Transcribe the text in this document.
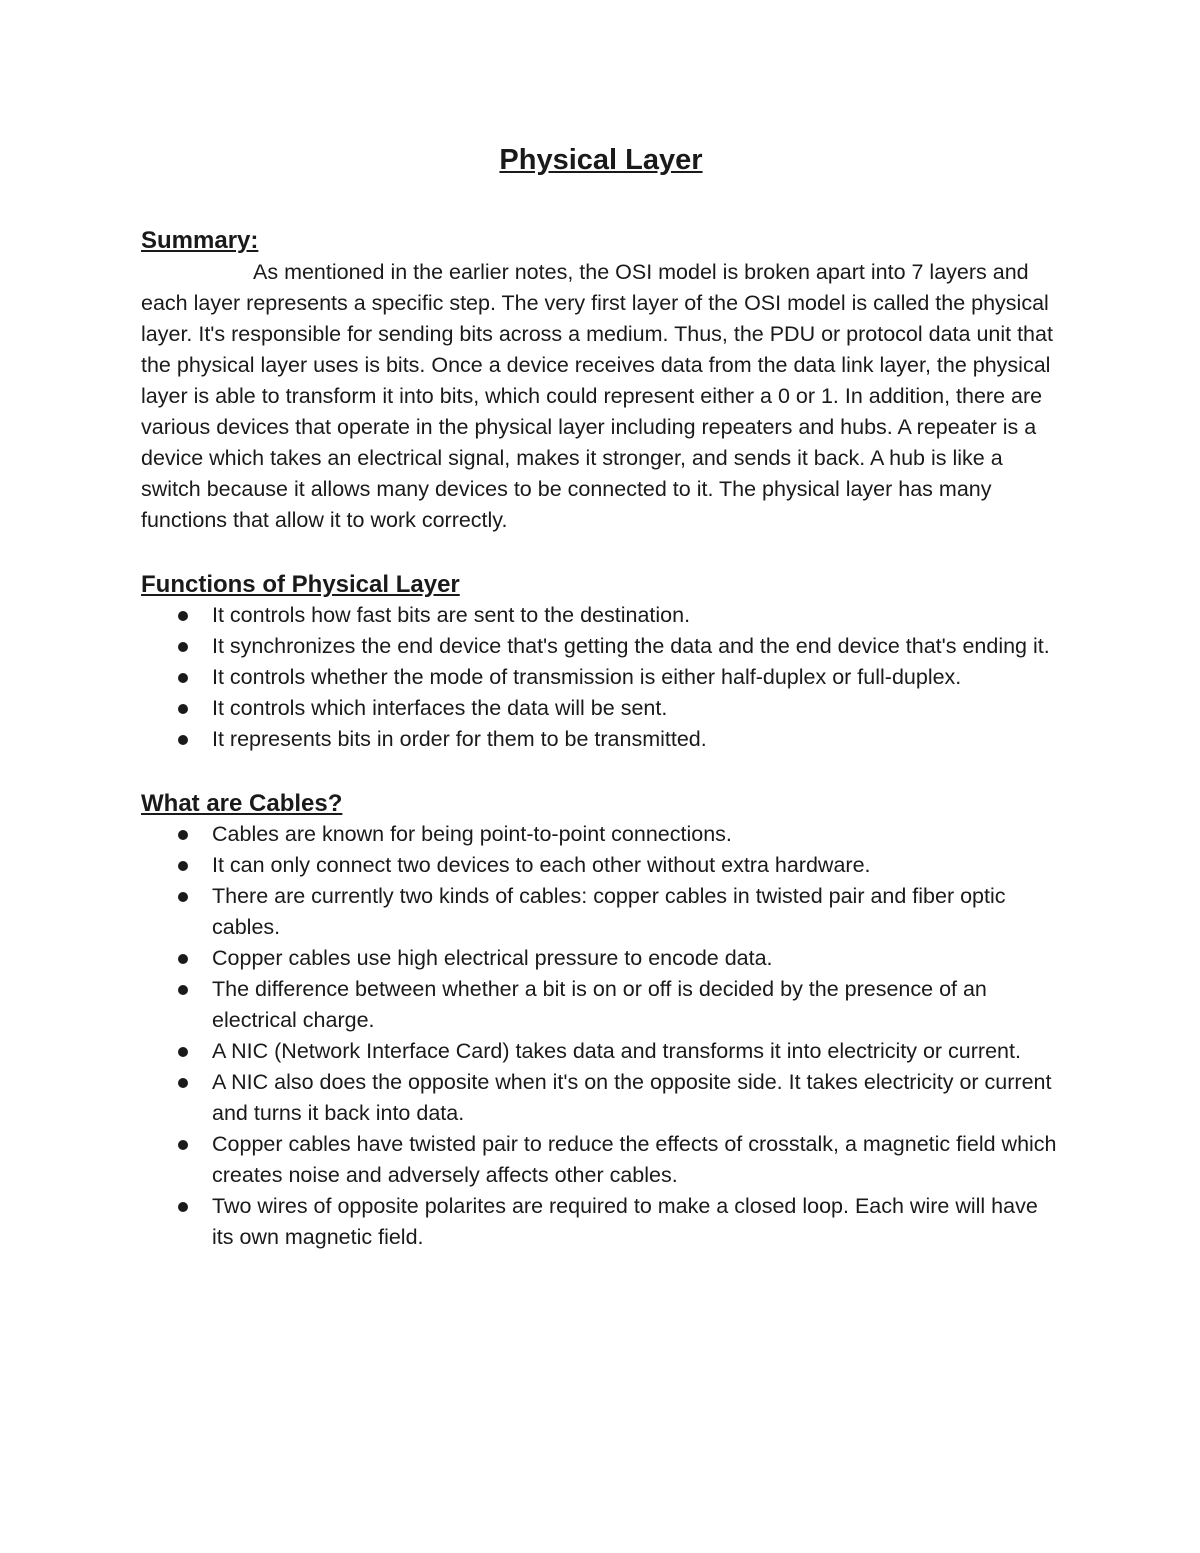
Physical Layer
Summary:

As mentioned in the earlier notes, the OSI model is broken apart into 7 layers and each layer represents a specific step. The very first layer of the OSI model is called the physical layer. It's responsible for sending bits across a medium. Thus, the PDU or protocol data unit that the physical layer uses is bits. Once a device receives data from the data link layer, the physical layer is able to transform it into bits, which could represent either a 0 or 1. In addition, there are various devices that operate in the physical layer including repeaters and hubs. A repeater is a device which takes an electrical signal, makes it stronger, and sends it back. A hub is like a switch because it allows many devices to be connected to it. The physical layer has many functions that allow it to work correctly.

Functions of Physical Layer
It controls how fast bits are sent to the destination.
It synchronizes the end device that's getting the data and the end device that's ending it.
It controls whether the mode of transmission is either half-duplex or full-duplex.
It controls which interfaces the data will be sent.
It represents bits in order for them to be transmitted.
What are Cables?
Cables are known for being point-to-point connections.
It can only connect two devices to each other without extra hardware.
There are currently two kinds of cables: copper cables in twisted pair and fiber optic cables.
Copper cables use high electrical pressure to encode data.
The difference between whether a bit is on or off is decided by the presence of an electrical charge.
A NIC (Network Interface Card) takes data and transforms it into electricity or current.
A NIC also does the opposite when it's on the opposite side. It takes electricity or current and turns it back into data.
Copper cables have twisted pair to reduce the effects of crosstalk, a magnetic field which creates noise and adversely affects other cables.
Two wires of opposite polarites are required to make a closed loop. Each wire will have its own magnetic field.
